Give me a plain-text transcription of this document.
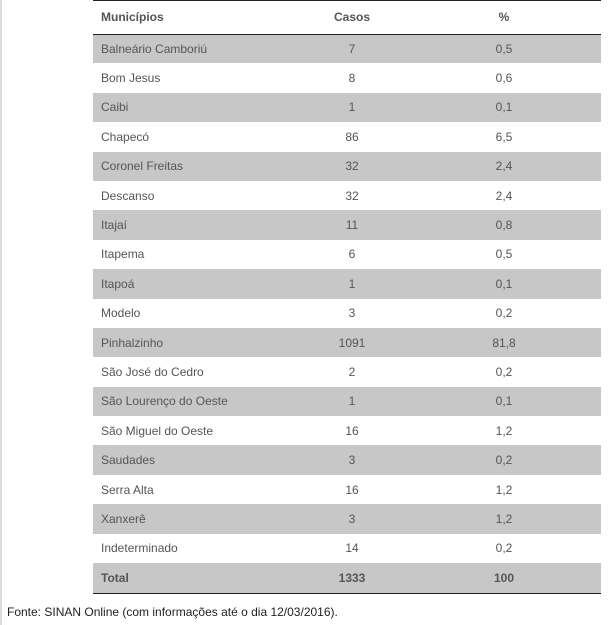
Municípios	Casos	%
Balneário Camboriú	7	0,5
Bom Jesus	8	0,6
Caibi	1	0,1
Chapecó	86	6,5
Coronel Freitas	32	2,4
Descanso	32	2,4
Itajaí	11	0,8
Itapema	6	0,5
Itapoá	1	0,1
Modelo	3	0,2
Pinhalzinho	1091	81,8
São José do Cedro	2	0,2
São Lourenço do Oeste	1	0,1
São Miguel do Oeste	16	1,2
Saudades	3	0,2
Serra Alta	16	1,2
Xanxerê	3	1,2
Indeterminado	14	0,2
Total	1333	100
Fonte: SINAN Online (com informações até o dia 12/03/2016).
